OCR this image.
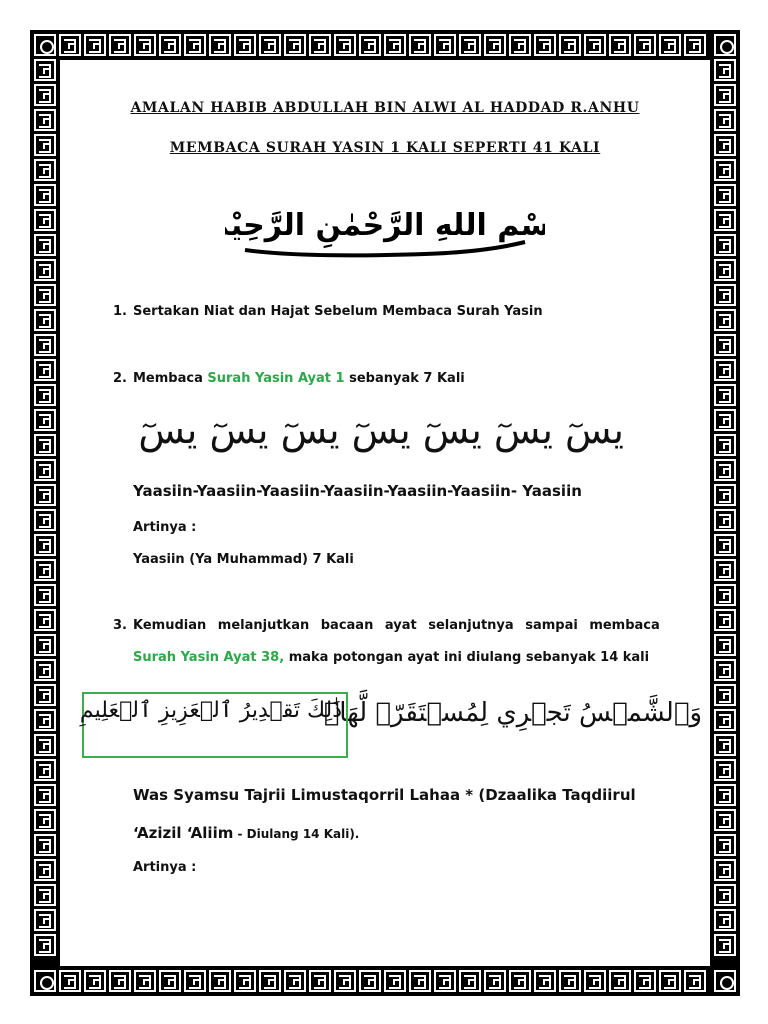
AMALAN HABIB ABDULLAH BIN ALWI AL HADDAD R.ANHU
MEMBACA SURAH YASIN 1 KALI SEPERTI 41 KALI
بِسْمِ اللهِ الرَّحْمٰنِ الرَّحِيْمِ
1. Sertakan Niat dan Hajat Sebelum Membaca Surah Yasin
2. Membaca Surah Yasin Ayat 1 sebanyak 7 Kali
يسٓ يسٓ يسٓ يسٓ يسٓ يسٓ يسٓ
Yaasiin-Yaasiin-Yaasiin-Yaasiin-Yaasiin-Yaasiin- Yaasiin
Artinya :
Yaasiin (Ya Muhammad) 7 Kali
3. Kemudian melanjutkan bacaan ayat selanjutnya sampai membaca
Surah Yasin Ayat 38, maka potongan ayat ini diulang sebanyak 14 kali
وَٱلشَّمۡسُ تَجۡرِي لِمُسۡتَقَرّٖ لَّهَاۚ
ذَٰلِكَ تَقۡدِيرُ ٱلۡعَزِيزِ ٱلۡعَلِيمِ
Was Syamsu Tajrii Limustaqorril Lahaa * (Dzaalika Taqdiirul
‘Azizil ‘Aliim - Diulang 14 Kali).
Artinya :
